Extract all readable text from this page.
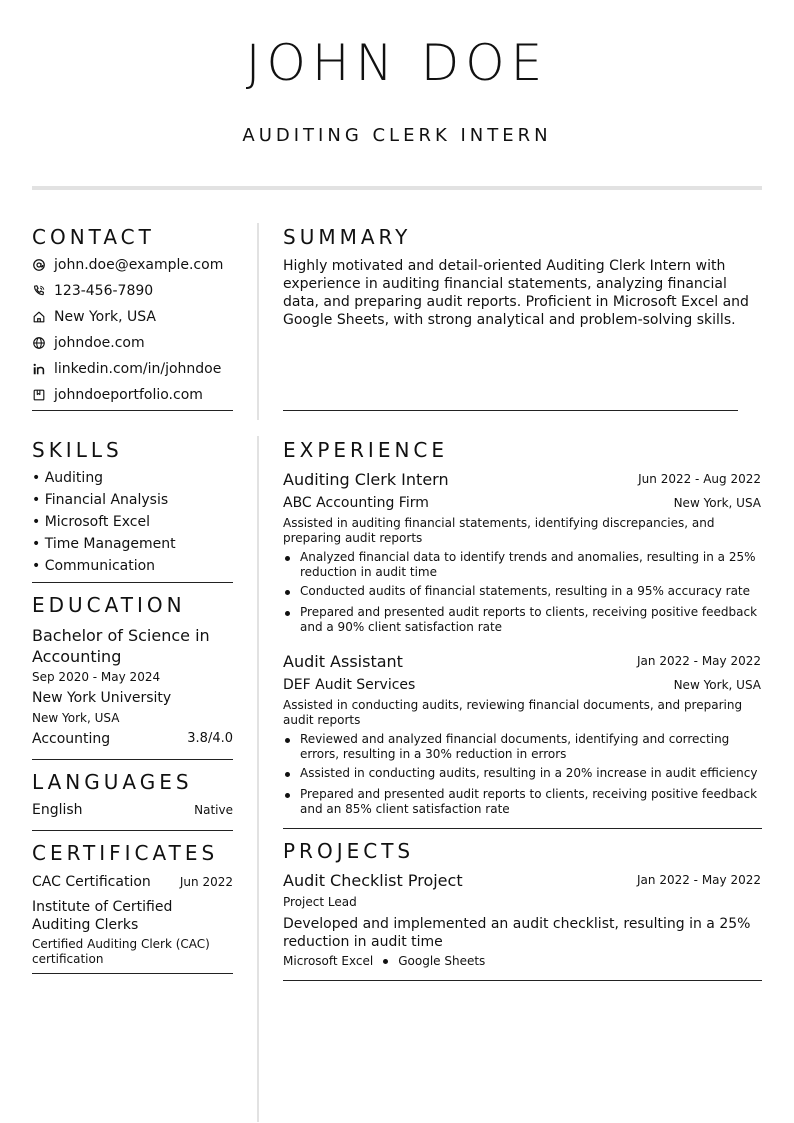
JOHN DOE
AUDITING CLERK INTERN
CONTACT
john.doe@example.com
123-456-7890
New York, USA
johndoe.com
linkedin.com/in/johndoe
johndoeportfolio.com
SUMMARY
Highly motivated and detail-oriented Auditing Clerk Intern with experience in auditing financial statements, analyzing financial data, and preparing audit reports. Proficient in Microsoft Excel and Google Sheets, with strong analytical and problem-solving skills.
SKILLS
• Auditing
• Financial Analysis
• Microsoft Excel
• Time Management
• Communication
EDUCATION
Bachelor of Science in Accounting
Sep 2020 - May 2024
New York University
New York, USA
Accounting	3.8/4.0
LANGUAGES
English	Native
CERTIFICATES
CAC Certification	Jun 2022
Institute of Certified Auditing Clerks
Certified Auditing Clerk (CAC) certification
EXPERIENCE
Auditing Clerk Intern	Jun 2022 - Aug 2022
ABC Accounting Firm	New York, USA
Assisted in auditing financial statements, identifying discrepancies, and preparing audit reports
Analyzed financial data to identify trends and anomalies, resulting in a 25% reduction in audit time
Conducted audits of financial statements, resulting in a 95% accuracy rate
Prepared and presented audit reports to clients, receiving positive feedback and a 90% client satisfaction rate
Audit Assistant	Jan 2022 - May 2022
DEF Audit Services	New York, USA
Assisted in conducting audits, reviewing financial documents, and preparing audit reports
Reviewed and analyzed financial documents, identifying and correcting errors, resulting in a 30% reduction in errors
Assisted in conducting audits, resulting in a 20% increase in audit efficiency
Prepared and presented audit reports to clients, receiving positive feedback and an 85% client satisfaction rate
PROJECTS
Audit Checklist Project	Jan 2022 - May 2022
Project Lead
Developed and implemented an audit checklist, resulting in a 25% reduction in audit time
Microsoft Excel Google Sheets
